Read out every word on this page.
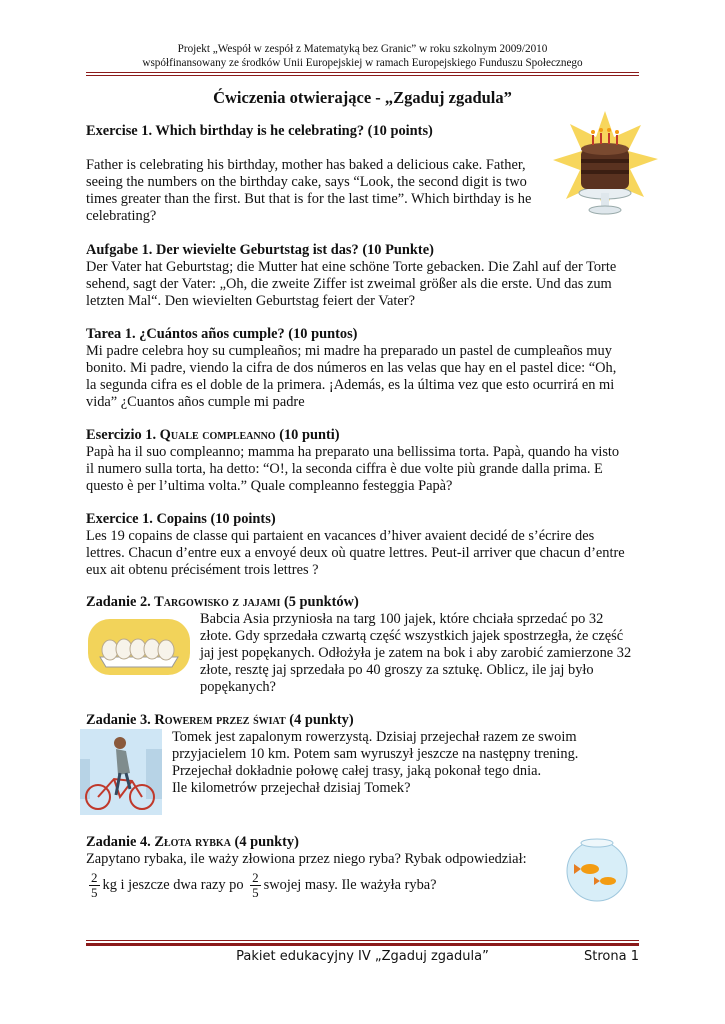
Projekt „Wespół w zespół z Matematyką bez Granic” w roku szkolnym 2009/2010
współfinansowany ze środków Unii Europejskiej w ramach Europejskiego Funduszu Społecznego
Ćwiczenia otwierające - „Zgaduj zgadula”

Exercise 1. Which birthday is he celebrating? (10 points)

Father is celebrating his birthday, mother has baked a delicious cake. Father,

seeing the numbers on the birthday cake, says “Look, the second digit is two

times greater than the first. But that is for the last time”. Which birthday is he

celebrating?

Aufgabe 1. Der wievielte Geburtstag ist das? (10 Punkte)

Der Vater hat Geburtstag; die Mutter hat eine schöne Torte gebacken. Die Zahl auf der Torte

sehend, sagt der Vater: „Oh, die zweite Ziffer ist zweimal größer als die erste. Und das zum

letzten Mal“. Den wievielten Geburtstag feiert der Vater?

Tarea 1. ¿Cuántos años cumple? (10 puntos)

Mi padre celebra hoy su cumpleaños; mi madre ha preparado un pastel de cumpleaños muy

bonito. Mi padre, viendo la cifra de dos números en las velas que hay en el pastel dice: “Oh,

la segunda cifra es el doble de la primera. ¡Además, es la última vez que esto ocurrirá en mi

vida” ¿Cuantos años cumple mi padre

Esercizio 1. Quale compleanno (10 punti)

Papà ha il suo compleanno; mamma ha preparato una bellissima torta. Papà, quando ha visto

il numero sulla torta, ha detto: “O!, la seconda ciffra è due volte più grande dalla prima. E

questo è per l’ultima volta.” Quale compleanno festeggia Papà?

Exercice 1. Copains (10 points)

Les 19 copains de classe qui partaient en vacances d’hiver avaient decidé de s’écrire des

lettres. Chacun d’entre eux a envoyé deux où quatre lettres. Peut-il arriver que chacun d’entre

eux ait obtenu précisément trois lettres ?

Zadanie 2. Targowisko z jajami (5 punktów)

Babcia Asia przyniosła na targ 100 jajek, które chciała sprzedać po 32

złote. Gdy sprzedała czwartą część wszystkich jajek spostrzegła, że część

jaj jest popękanych. Odłożyła je zatem na bok i aby zarobić zamierzone 32

złote, resztę jaj sprzedała po 40 groszy za sztukę. Oblicz, ile jaj było

popękanych?

Zadanie 3. Rowerem przez świat (4 punkty)

Tomek jest zapalonym rowerzystą. Dzisiaj przejechał razem ze swoim

przyjacielem 10 km. Potem sam wyruszył jeszcze na następny trening.

Przejechał dokładnie połowę całej trasy, jaką pokonał tego dnia.

Ile kilometrów przejechał dzisiaj Tomek?

Zadanie 4. Złota rybka (4 punkty)

Zapytano rybaka, ile waży złowiona przez niego ryba? Rybak odpowiedział:

$\frac{2}{5}$ kg i jeszcze dwa razy po $\frac{2}{5}$ swojej masy. Ile ważyła ryba?

Pakiet edukacyjny IV „Zgaduj zgadula”	Strona 1
